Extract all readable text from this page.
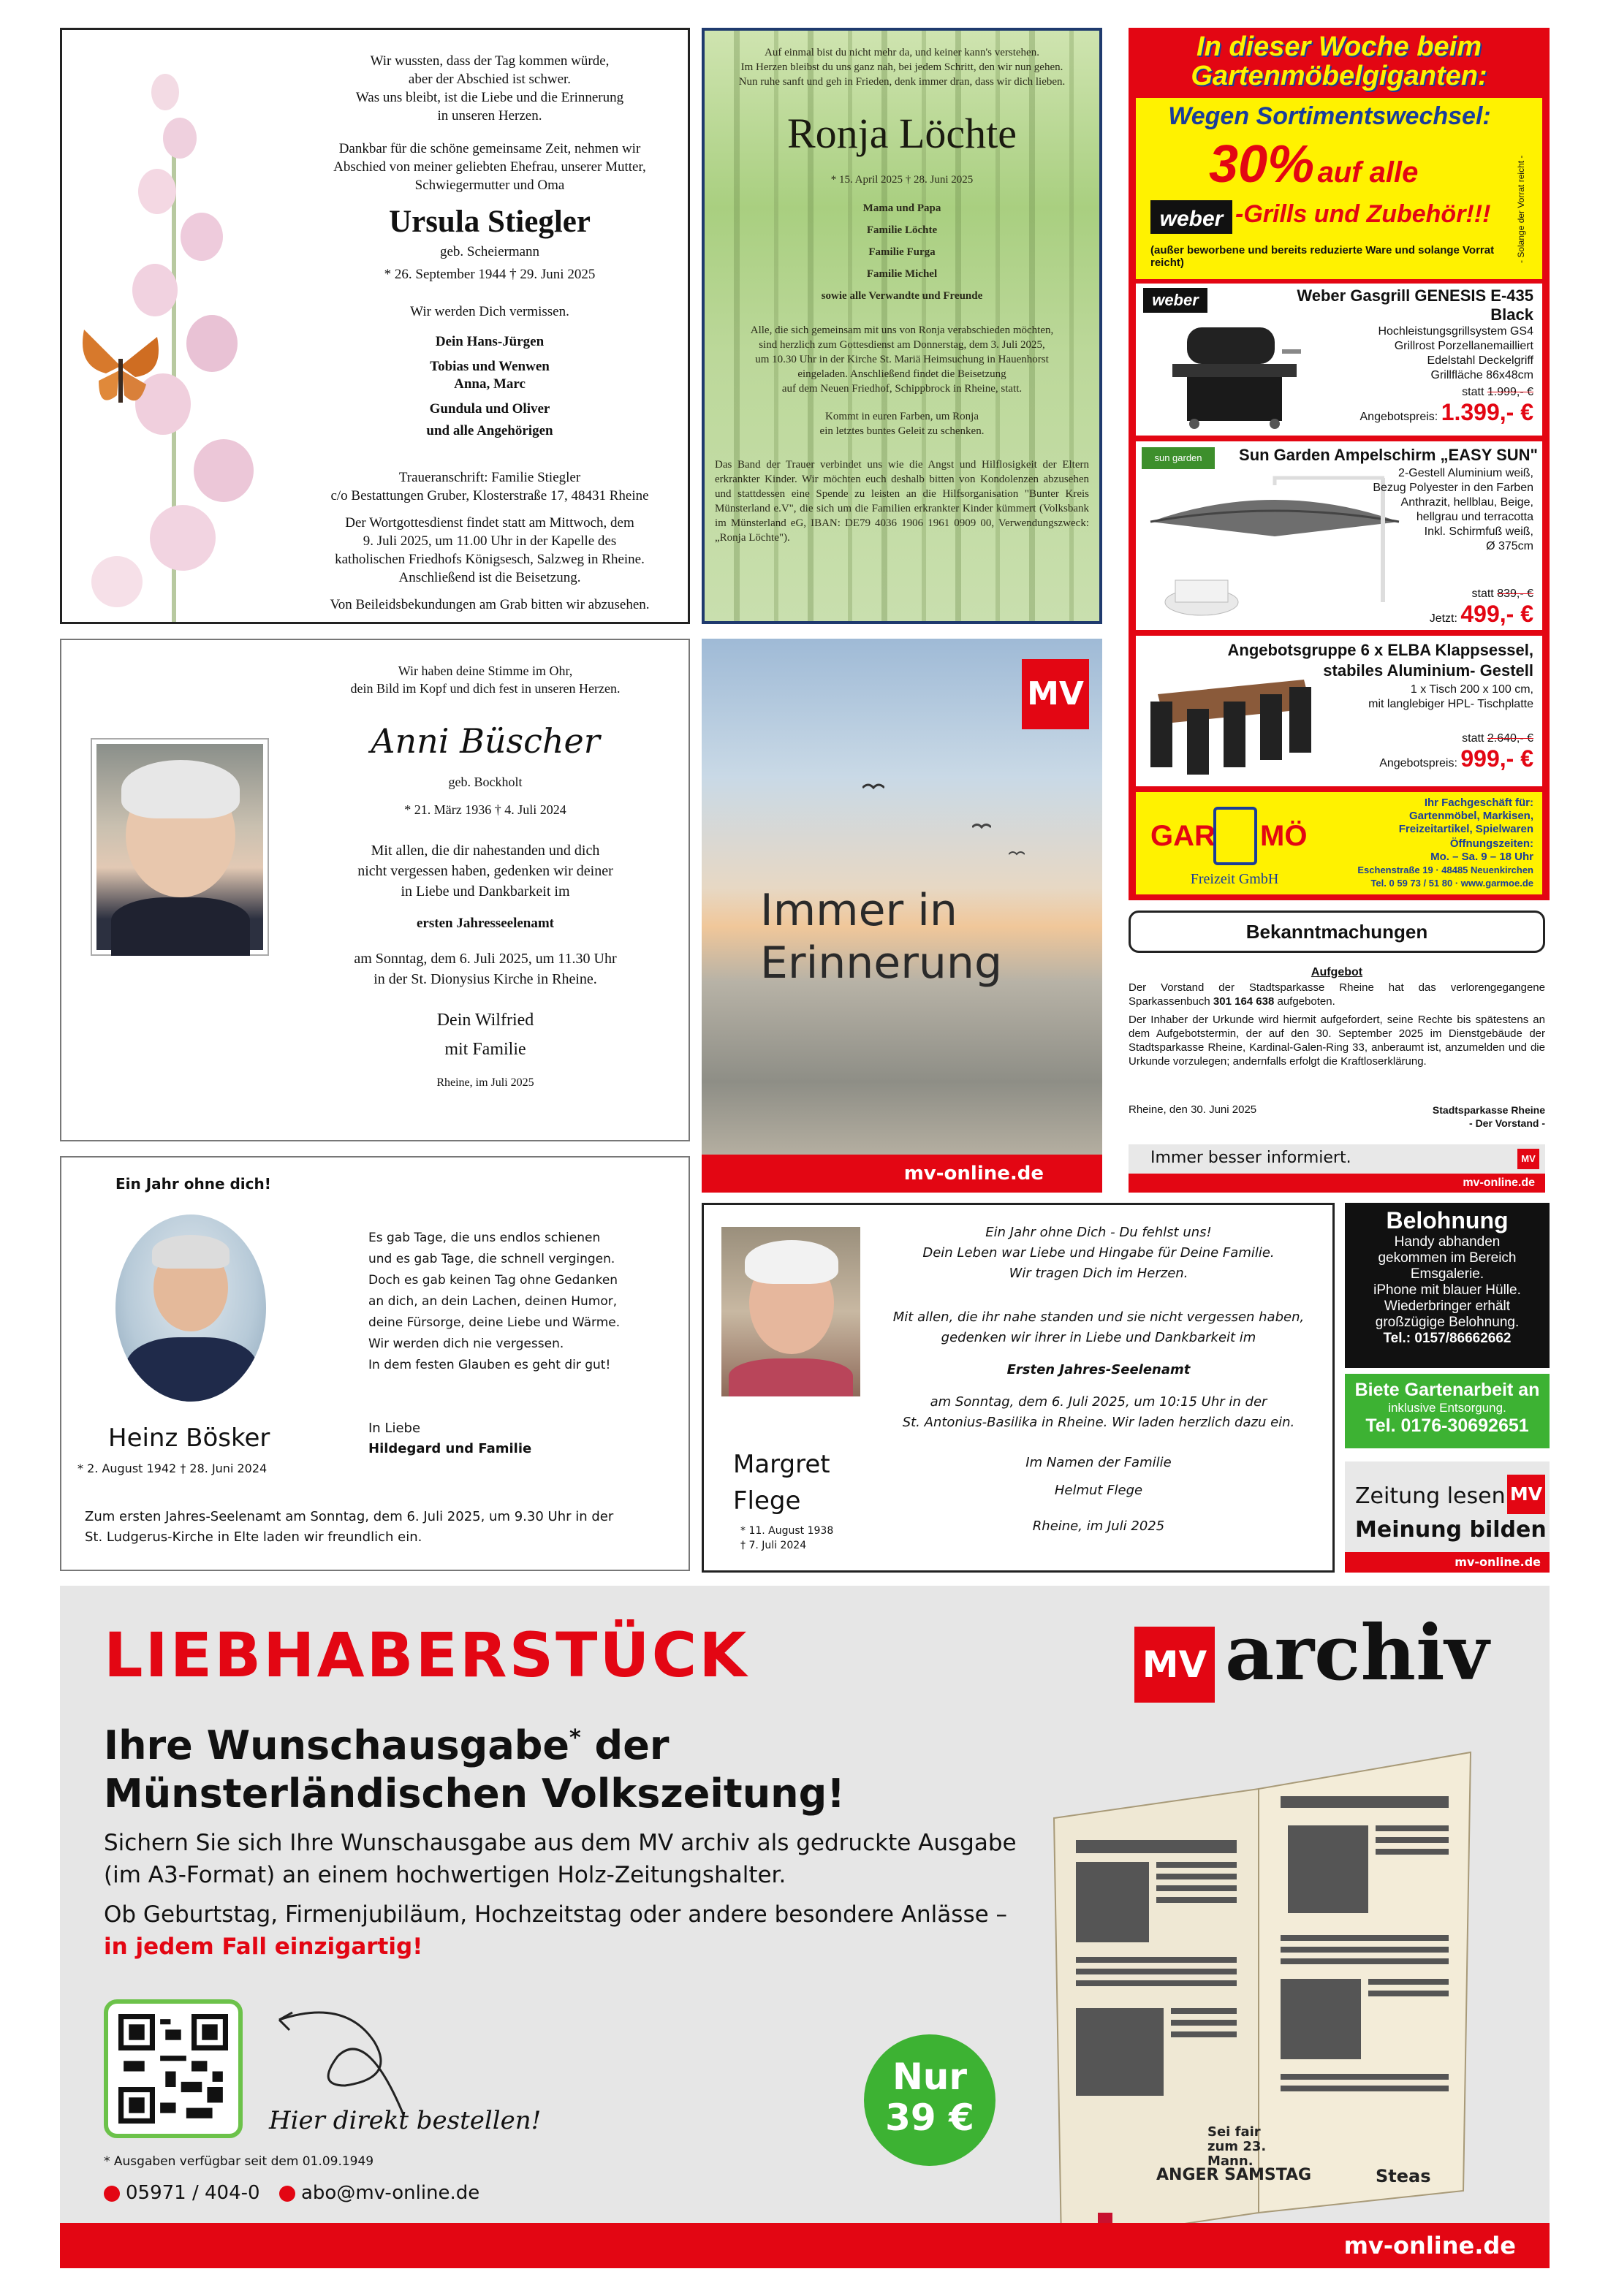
Wir wussten, dass der Tag kommen würde,
aber der Abschied ist schwer.
Was uns bleibt, ist die Liebe und die Erinnerung
in unseren Herzen.
Dankbar für die schöne gemeinsame Zeit, nehmen wir
Abschied von meiner geliebten Ehefrau, unserer Mutter,
Schwiegermutter und Oma
Ursula Stiegler
geb. Scheiermann
* 26. September 1944 † 29. Juni 2025
Wir werden Dich vermissen.
Dein Hans-Jürgen
Tobias und Wenwen
Anna, Marc
Gundula und Oliver
und alle Angehörigen
Traueranschrift: Familie Stiegler
c/o Bestattungen Gruber, Klosterstraße 17, 48431 Rheine
Der Wortgottesdienst findet statt am Mittwoch, dem
9. Juli 2025, um 11.00 Uhr in der Kapelle des
katholischen Friedhofs Königsesch, Salzweg in Rheine.
Anschließend ist die Beisetzung.
Von Beileidsbekundungen am Grab bitten wir abzusehen.
Auf einmal bist du nicht mehr da, und keiner kann's verstehen.
Im Herzen bleibst du uns ganz nah, bei jedem Schritt, den wir nun gehen.
Nun ruhe sanft und geh in Frieden, denk immer dran, dass wir dich lieben.
Ronja Löchte
* 15. April 2025 † 28. Juni 2025
Mama und Papa
Familie Löchte
Familie Furga
Familie Michel
sowie alle Verwandte und Freunde
Alle, die sich gemeinsam mit uns von Ronja verabschieden möchten,
sind herzlich zum Gottesdienst am Donnerstag, dem 3. Juli 2025,
um 10.30 Uhr in der Kirche St. Mariä Heimsuchung in Hauenhorst
eingeladen. Anschließend findet die Beisetzung
auf dem Neuen Friedhof, Schippbrock in Rheine, statt.
Kommt in euren Farben, um Ronja
ein letztes buntes Geleit zu schenken.
Das Band der Trauer verbindet uns wie die Angst und Hilflosigkeit der Eltern erkrankter Kinder. Wir möchten euch deshalb bitten von Kondolenzen abzusehen und stattdessen eine Spende zu leisten an die Hilfsorganisation "Bunter Kreis Münsterland e.V", die sich um die Familien erkrankter Kinder kümmert (Volksbank im Münsterland eG, IBAN: DE79 4036 1906 1961 0909 00, Verwendungszweck: „Ronja Löchte").
In dieser Woche beim
Gartenmöbelgiganten:
Wegen Sortimentswechsel:
30% auf alle
weber -Grills und Zubehör!!!
(außer beworbene und bereits reduzierte Ware und solange Vorrat reicht)	- Solange der Vorrat reicht -
weber	Weber Gasgrill GENESIS E-435
Black
Hochleistungsgrillsystem GS4
Grillrost Porzellanemailliert
Edelstahl Deckelgriff
Grillfläche 86x48cm
statt 1.999,- €
Angebotspreis: 1.399,- €
sun garden	Sun Garden Ampelschirm „EASY SUN"
2-Gestell Aluminium weiß,
Bezug Polyester in den Farben
Anthrazit, hellblau, Beige,
hellgrau und terracotta
Inkl. Schirmfuß weiß,
Ø 375cm
statt 839,- €
Jetzt: 499,- €
Angebotsgruppe 6 x ELBA Klappsessel,
stabiles Aluminium- Gestell
1 x Tisch 200 x 100 cm,
mit langlebiger HPL- Tischplatte
statt 2.640,- €
Angebotspreis: 999,- €
GAR MÖ
Freizeit GmbH
Ihr Fachgeschäft für:
Gartenmöbel, Markisen,
Freizeitartikel, Spielwaren
Öffnungszeiten:
Mo. – Sa. 9 – 18 Uhr
Eschenstraße 19 · 48485 Neuenkirchen
Tel. 0 59 73 / 51 80 · www.garmoe.de
Wir haben deine Stimme im Ohr,
dein Bild im Kopf und dich fest in unseren Herzen.
Anni Büscher
geb. Bockholt
* 21. März 1936 † 4. Juli 2024
Mit allen, die dir nahestanden und dich
nicht vergessen haben, gedenken wir deiner
in Liebe und Dankbarkeit im
ersten Jahresseelenamt
am Sonntag, dem 6. Juli 2025, um 11.30 Uhr
in der St. Dionysius Kirche in Rheine.
Dein Wilfried
mit Familie
Rheine, im Juli 2025
MV
Immer in
Erinnerung
mv-online.de
Bekanntmachungen
Aufgebot
Der Vorstand der Stadtsparkasse Rheine hat das verlorengegangene Sparkassenbuch 301 164 638 aufgeboten.
Der Inhaber der Urkunde wird hiermit aufgefordert, seine Rechte bis spätestens an dem Aufgebotstermin, der auf den 30. September 2025 im Dienstgebäude der Stadtsparkasse Rheine, Kardinal-Galen-Ring 33, anberaumt ist, anzumelden und die Urkunde vorzulegen; andernfalls erfolgt die Kraftloserklärung.
Rheine, den 30. Juni 2025	Stadtsparkasse Rheine
- Der Vorstand -
Immer besser informiert.	MV
mv-online.de
Ein Jahr ohne dich!
Heinz Bösker
* 2. August 1942 † 28. Juni 2024
Es gab Tage, die uns endlos schienen
und es gab Tage, die schnell vergingen.
Doch es gab keinen Tag ohne Gedanken
an dich, an dein Lachen, deinen Humor,
deine Fürsorge, deine Liebe und Wärme.
Wir werden dich nie vergessen.
In dem festen Glauben es geht dir gut!
In Liebe
Hildegard und Familie
Zum ersten Jahres-Seelenamt am Sonntag, dem 6. Juli 2025, um 9.30 Uhr in der
St. Ludgerus-Kirche in Elte laden wir freundlich ein.
Margret
Flege
* 11. August 1938
† 7. Juli 2024
Ein Jahr ohne Dich - Du fehlst uns!
Dein Leben war Liebe und Hingabe für Deine Familie.
Wir tragen Dich im Herzen.
Mit allen, die ihr nahe standen und sie nicht vergessen haben,
gedenken wir ihrer in Liebe und Dankbarkeit im
Ersten Jahres-Seelenamt
am Sonntag, dem 6. Juli 2025, um 10:15 Uhr in der
St. Antonius-Basilika in Rheine. Wir laden herzlich dazu ein.
Im Namen der Familie
Helmut Flege
Rheine, im Juli 2025
Belohnung
Handy abhanden
gekommen im Bereich
Emsgalerie.
iPhone mit blauer Hülle.
Wiederbringer erhält
großzügige Belohnung.
Tel.: 0157/86662662
Biete Gartenarbeit an
inklusive Entsorgung.
Tel. 0176-30692651
Zeitung lesen MV
Meinung bilden
mv-online.de
LIEBHABERSTÜCK	MV archiv
Ihre Wunschausgabe* der
Münsterländischen Volkszeitung!
Sichern Sie sich Ihre Wunschausgabe aus dem MV archiv als gedruckte Ausgabe
(im A3-Format) an einem hochwertigen Holz-Zeitungshalter.
Ob Geburtstag, Firmenjubiläum, Hochzeitstag oder andere besondere Anlässe –
in jedem Fall einzigartig!
Hier direkt bestellen!
* Ausgaben verfügbar seit dem 01.09.1949
05971 / 404-0	abo@mv-online.de
Nur
39 €	Sei fair zum 23. Mann.
ANGER SAMSTAG	Steas
mv-online.de
